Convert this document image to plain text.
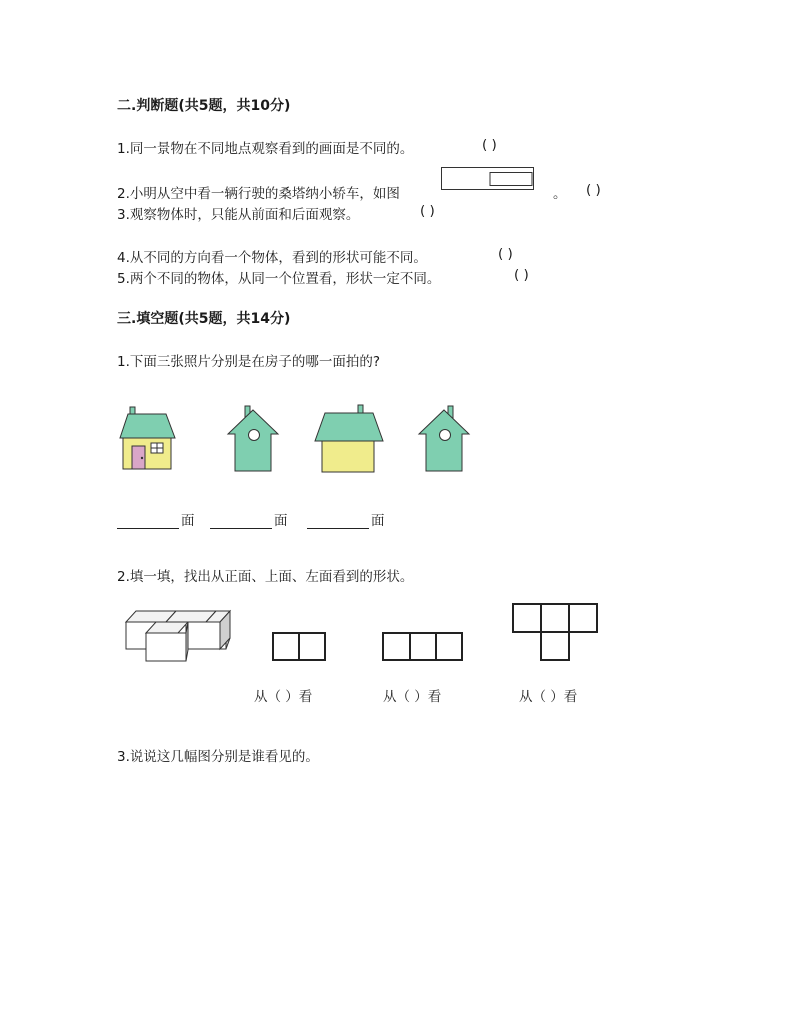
二.判断题(共5题，共10分)
1.同一景物在不同地点观察看到的画面是不同的。	( )
2.小明从空中看一辆行驶的桑塔纳小轿车，如图	。 ( )
3.观察物体时，只能从前面和后面观察。	( )
4.从不同的方向看一个物体，看到的形状可能不同。	( )
5.两个不同的物体，从同一个位置看，形状一定不同。	( )
三.填空题(共5题，共14分)
1.下面三张照片分别是在房子的哪一面拍的?
面	面	面
2.填一填，找出从正面、上面、左面看到的形状。
从（ ）看	从（ ）看	从（ ）看
3.说说这几幅图分别是谁看见的。
